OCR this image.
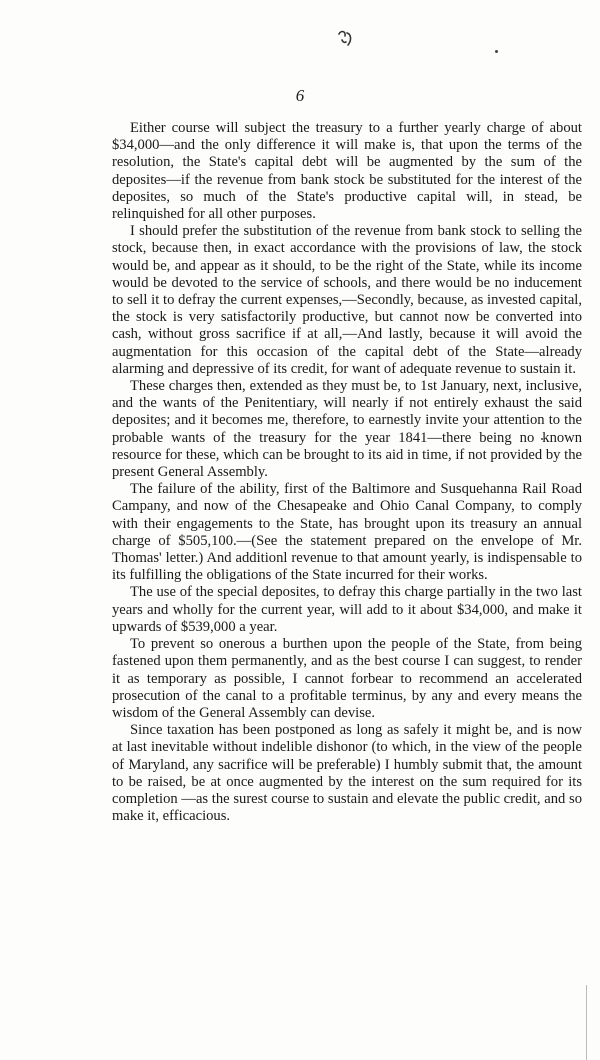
6

Either course will subject the treasury to a further yearly charge of about $34,000—and the only difference it will make is, that upon the terms of the resolution, the State's capital debt will be augmented by the sum of the deposites—if the revenue from bank stock be substituted for the interest of the deposites, so much of the State's productive capital will, in stead, be relinquished for all other purposes.

I should prefer the substitution of the revenue from bank stock to selling the stock, because then, in exact accordance with the provisions of law, the stock would be, and appear as it should, to be the right of the State, while its income would be devoted to the service of schools, and there would be no inducement to sell it to defray the current expenses,—Secondly, because, as invested capital, the stock is very satisfactorily productive, but cannot now be converted into cash, without gross sacrifice if at all,—And lastly, because it will avoid the augmentation for this occasion of the capital debt of the State—already alarming and depressive of its credit, for want of adequate revenue to sustain it.

These charges then, extended as they must be, to 1st January, next, inclusive, and the wants of the Penitentiary, will nearly if not entirely exhaust the said deposites; and it becomes me, therefore, to earnestly invite your attention to the probable wants of the treasury for the year 1841—there being no known resource for these, which can be brought to its aid in time, if not provided by the present General Assembly.

The failure of the ability, first of the Baltimore and Susquehanna Rail Road Campany, and now of the Chesapeake and Ohio Canal Company, to comply with their engagements to the State, has brought upon its treasury an annual charge of $505,100.—(See the statement prepared on the envelope of Mr. Thomas' letter.) And additionl revenue to that amount yearly, is indispensable to its fulfilling the obligations of the State incurred for their works.

The use of the special deposites, to defray this charge partially in the two last years and wholly for the current year, will add to it about $34,000, and make it upwards of $539,000 a year.

To prevent so onerous a burthen upon the people of the State, from being fastened upon them permanently, and as the best course I can suggest, to render it as temporary as possible, I cannot forbear to recommend an accelerated prosecution of the canal to a profitable terminus, by any and every means the wisdom of the General Assembly can devise.

Since taxation has been postponed as long as safely it might be, and is now at last inevitable without indelible dishonor (to which, in the view of the people of Maryland, any sacrifice will be preferable) I humbly submit that, the amount to be raised, be at once augmented by the interest on the sum required for its completion —as the surest course to sustain and elevate the public credit, and so make it, efficacious.
